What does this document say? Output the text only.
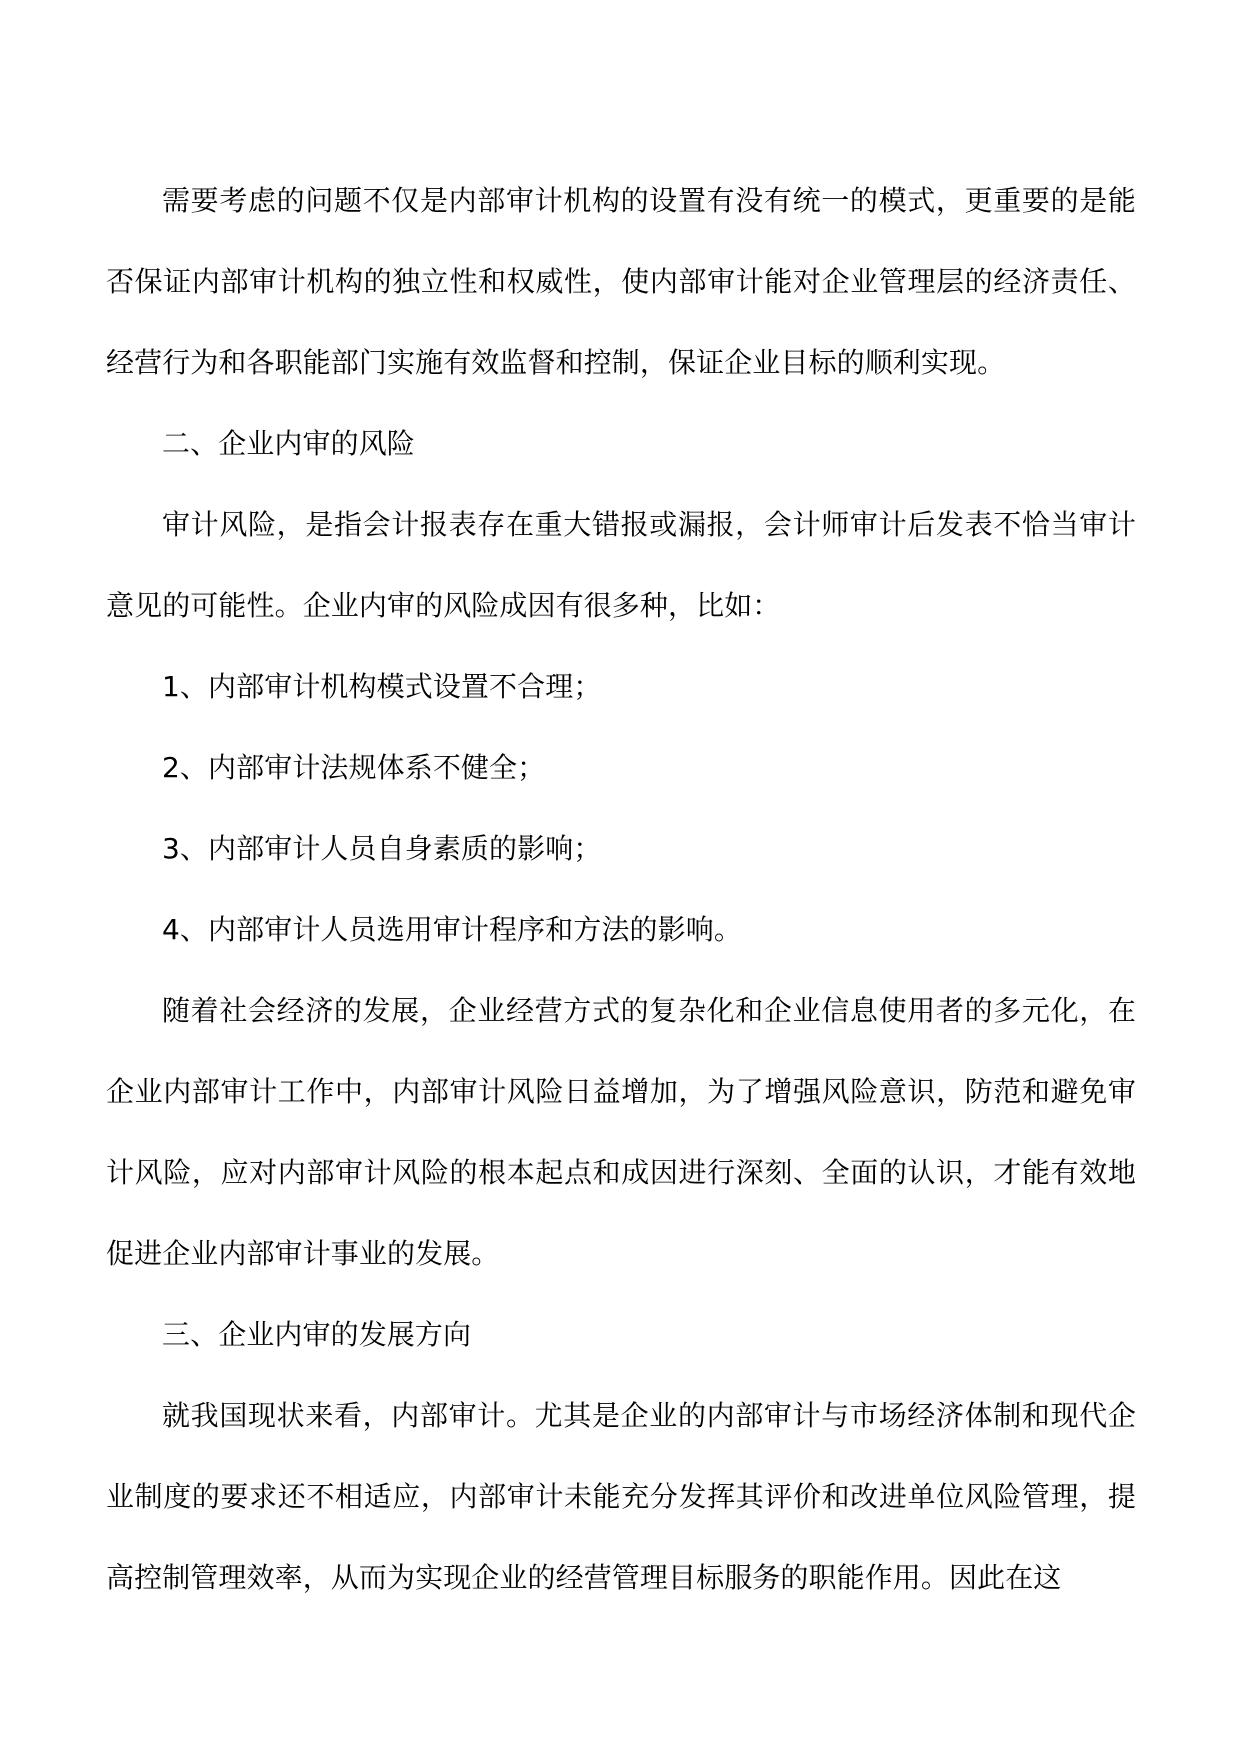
需要考虑的问题不仅是内部审计机构的设置有没有统一的模式，更重要的是能否保证内部审计机构的独立性和权威性，使内部审计能对企业管理层的经济责任、经营行为和各职能部门实施有效监督和控制，保证企业目标的顺利实现。

二、企业内审的风险

审计风险，是指会计报表存在重大错报或漏报，会计师审计后发表不恰当审计意见的可能性。企业内审的风险成因有很多种，比如：

1、内部审计机构模式设置不合理；

2、内部审计法规体系不健全；

3、内部审计人员自身素质的影响；

4、内部审计人员选用审计程序和方法的影响。

随着社会经济的发展，企业经营方式的复杂化和企业信息使用者的多元化，在企业内部审计工作中，内部审计风险日益增加，为了增强风险意识，防范和避免审计风险，应对内部审计风险的根本起点和成因进行深刻、全面的认识，才能有效地促进企业内部审计事业的发展。

三、企业内审的发展方向

就我国现状来看，内部审计。尤其是企业的内部审计与市场经济体制和现代企业制度的要求还不相适应，内部审计未能充分发挥其评价和改进单位风险管理，提高控制管理效率，从而为实现企业的经营管理目标服务的职能作用。因此在这
